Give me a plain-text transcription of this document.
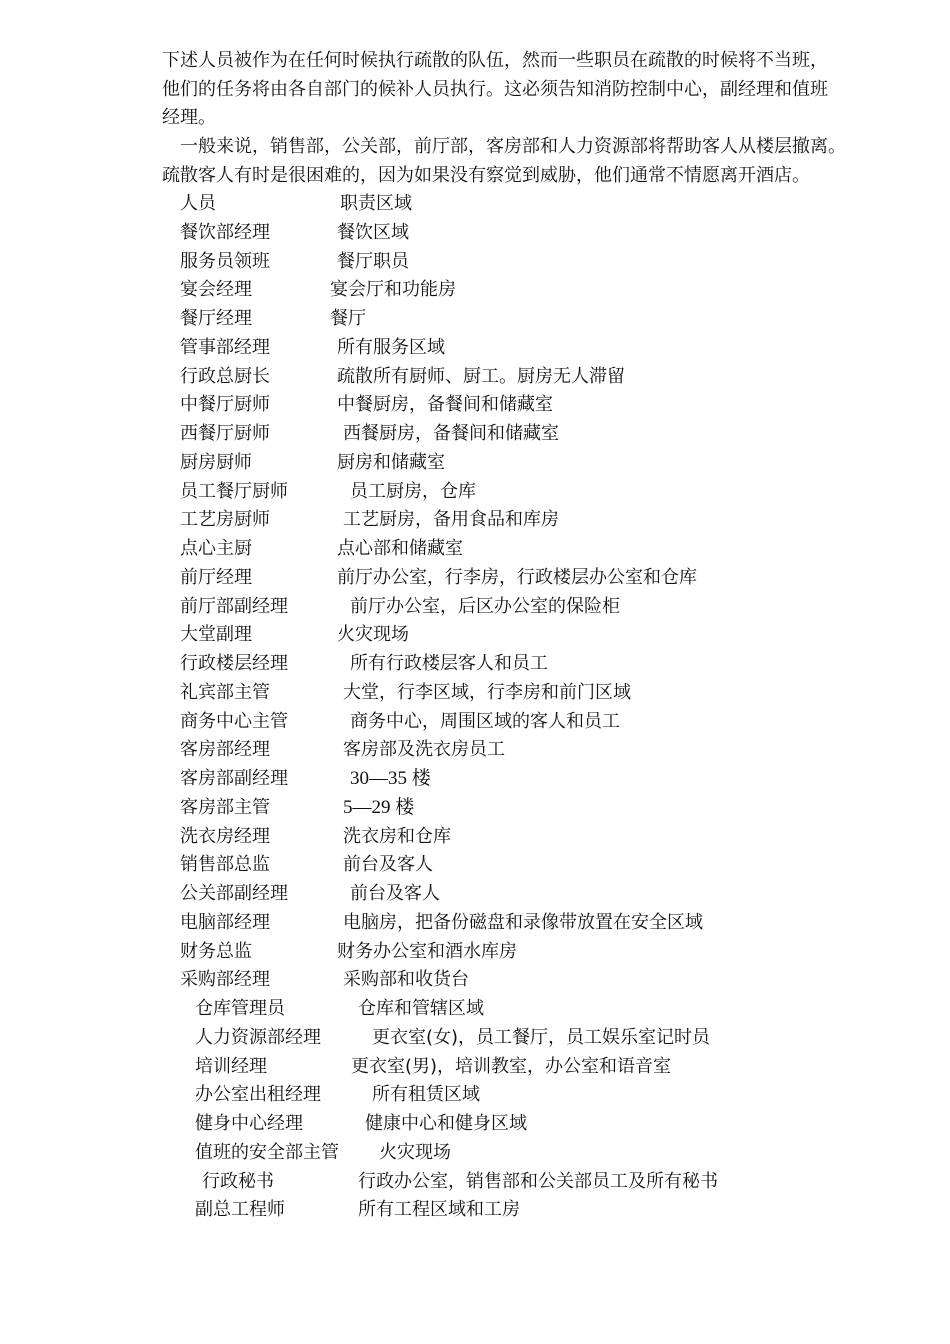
下述人员被作为在任何时候执行疏散的队伍，然而一些职员在疏散的时候将不当班，
他们的任务将由各自部门的候补人员执行。这必须告知消防控制中心，副经理和值班
经理。

　一般来说，销售部，公关部，前厅部，客房部和人力资源部将帮助客人从楼层撤离。
疏散客人有时是很困难的，因为如果没有察觉到威胁，他们通常不情愿离开酒店。

人员	职责区域
餐饮部经理	餐饮区域
服务员领班	餐厅职员
宴会经理	宴会厅和功能房
餐厅经理	餐厅
管事部经理	所有服务区域
行政总厨长	疏散所有厨师、厨工。厨房无人滞留
中餐厅厨师	中餐厨房，备餐间和储藏室
西餐厅厨师	西餐厨房，备餐间和储藏室
厨房厨师	厨房和储藏室
员工餐厅厨师	员工厨房，仓库
工艺房厨师	工艺厨房，备用食品和库房
点心主厨	点心部和储藏室
前厅经理	前厅办公室，行李房，行政楼层办公室和仓库
前厅部副经理	前厅办公室，后区办公室的保险柜
大堂副理	火灾现场
行政楼层经理	所有行政楼层客人和员工
礼宾部主管	大堂，行李区域，行李房和前门区域
商务中心主管	商务中心，周围区域的客人和员工
客房部经理	客房部及洗衣房员工
客房部副经理	30—35 楼
客房部主管	5—29 楼
洗衣房经理	洗衣房和仓库
销售部总监	前台及客人
公关部副经理	前台及客人
电脑部经理	电脑房，把备份磁盘和录像带放置在安全区域
财务总监	财务办公室和酒水库房
采购部经理	采购部和收货台
仓库管理员	仓库和管辖区域
人力资源部经理	更衣室(女)，员工餐厅，员工娱乐室记时员
培训经理	更衣室(男)，培训教室，办公室和语音室
办公室出租经理	所有租赁区域
健身中心经理	健康中心和健身区域
值班的安全部主管 火灾现场
行政秘书	行政办公室，销售部和公关部员工及所有秘书
副总工程师	所有工程区域和工房
